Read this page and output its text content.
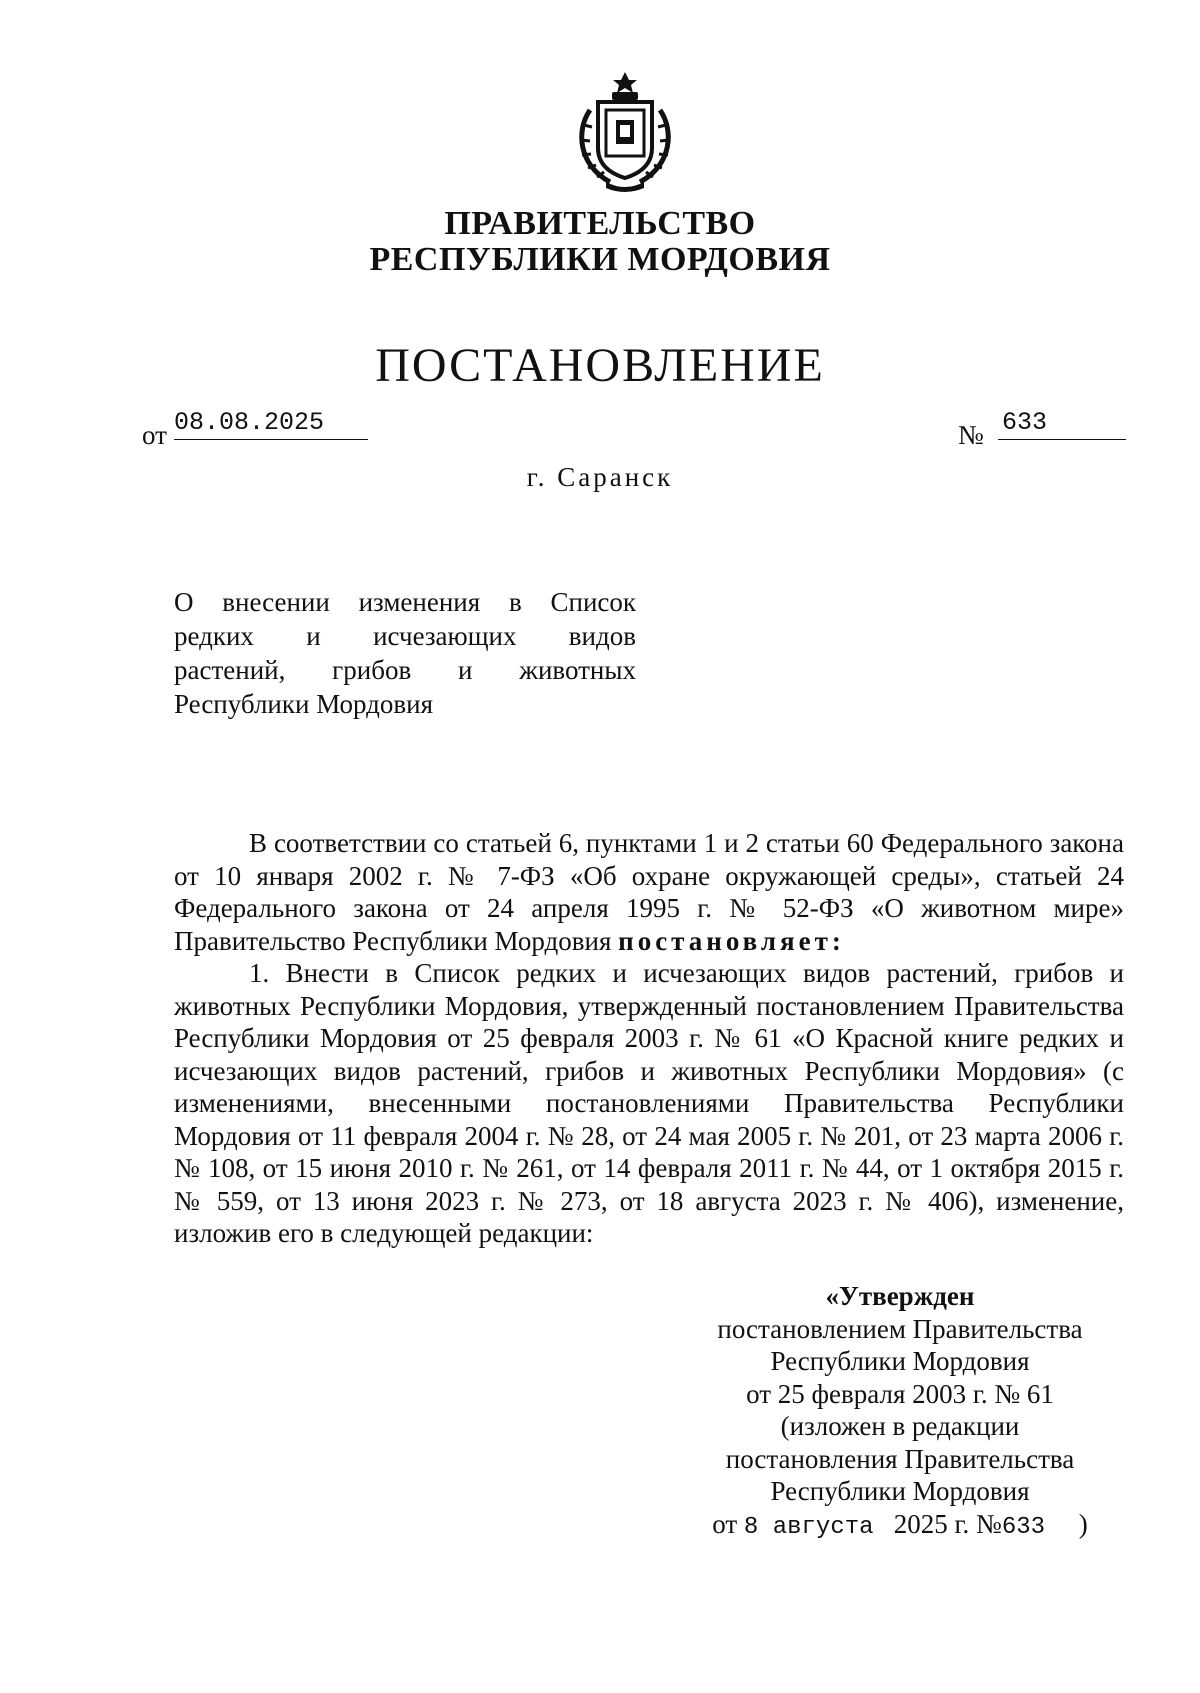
ПРАВИТЕЛЬСТВО
РЕСПУБЛИКИ МОРДОВИЯ
ПОСТАНОВЛЕНИЕ
от 08.08.2025	№ 633
г. Саранск
О внесении изменения в Список
редких и исчезающих видов
растений, грибов и животных
Республики Мордовия

В соответствии со статьей 6, пунктами 1 и 2 статьи 60 Федерального закона от 10 января 2002 г. № 7-ФЗ «Об охране окружающей среды», статьей 24 Федерального закона от 24 апреля 1995 г. № 52-ФЗ «О животном мире» Правительство Республики Мордовия постановляет:

1. Внести в Список редких и исчезающих видов растений, грибов и животных Республики Мордовия, утвержденный постановлением Правительства Республики Мордовия от 25 февраля 2003 г. № 61 «О Красной книге редких и исчезающих видов растений, грибов и животных Республики Мордовия» (с изменениями, внесенными постановлениями Правительства Республики Мордовия от 11 февраля 2004 г. № 28, от 24 мая 2005 г. № 201, от 23 марта 2006 г. № 108, от 15 июня 2010 г. № 261, от 14 февраля 2011 г. № 44, от 1 октября 2015 г. № 559, от 13 июня 2023 г. № 273, от 18 августа 2023 г. № 406), изменение, изложив его в следующей редакции:

«Утвержден
постановлением Правительства
Республики Мордовия
от 25 февраля 2003 г. № 61
(изложен в редакции
постановления Правительства
Республики Мордовия
от 8 августа 2025 г. №633 )
